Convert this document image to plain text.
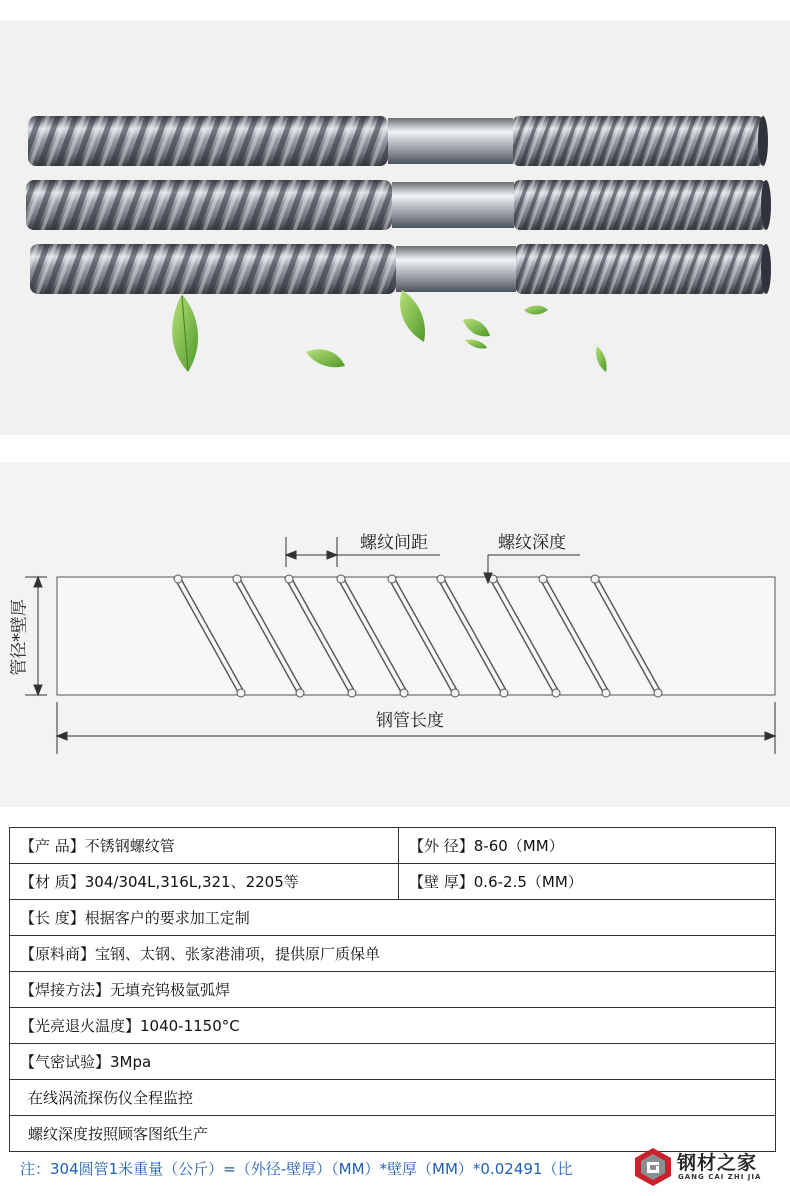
螺纹间距	螺纹深度
管径*壁厚
钢管长度
【产 品】不锈钢螺纹管	【外 径】8-60（MM）
【材 质】304/304L,316L,321、2205等	【壁 厚】0.6-2.5（MM）
【长 度】根据客户的要求加工定制	
【原料商】宝钢、太钢、张家港浦项，提供原厂质保单	
【焊接方法】无填充钨极氩弧焊	
【光亮退火温度】1040-1150°C	
【气密试验】3Mpa	
在线涡流探伤仪全程监控	
螺纹深度按照顾客图纸生产	
注：304圆管1米重量（公斤）=（外径-壁厚）（MM）*壁厚（MM）*0.02491（比	钢材之家
GANG CAI ZHI JIA
